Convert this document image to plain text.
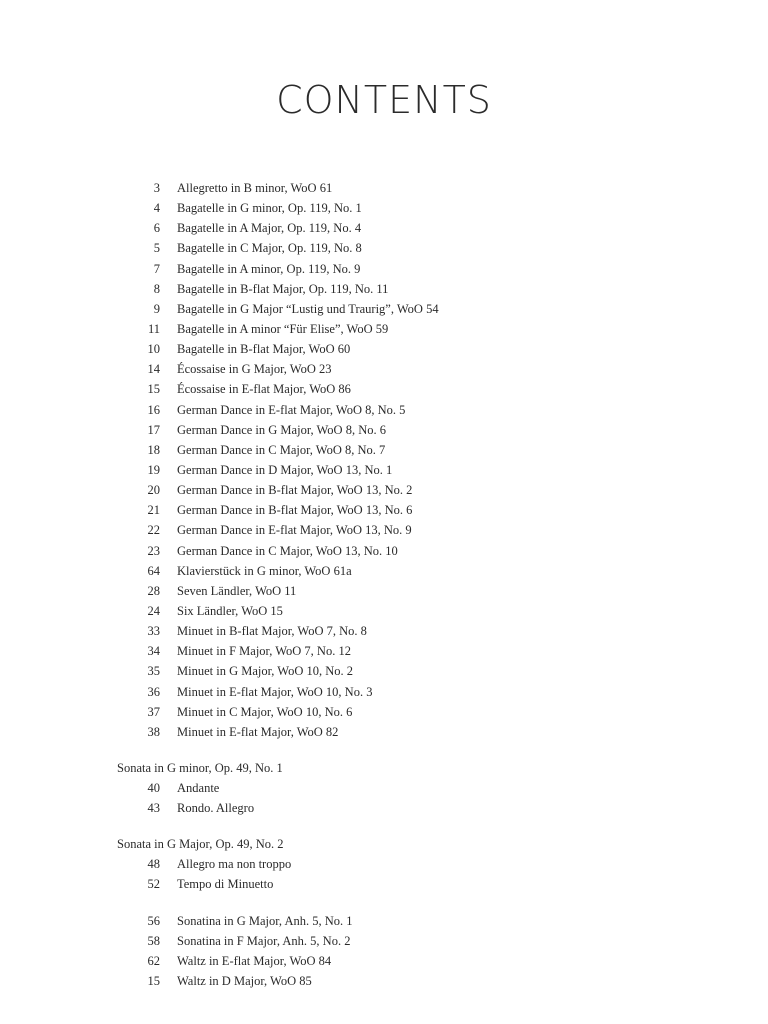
CONTENTS
3 Allegretto in B minor, WoO 61
4 Bagatelle in G minor, Op. 119, No. 1
6 Bagatelle in A Major, Op. 119, No. 4
5 Bagatelle in C Major, Op. 119, No. 8
7 Bagatelle in A minor, Op. 119, No. 9
8 Bagatelle in B-flat Major, Op. 119, No. 11
9 Bagatelle in G Major “Lustig und Traurig”, WoO 54
11 Bagatelle in A minor “Für Elise”, WoO 59
10 Bagatelle in B-flat Major, WoO 60
14 Écossaise in G Major, WoO 23
15 Écossaise in E-flat Major, WoO 86
16 German Dance in E-flat Major, WoO 8, No. 5
17 German Dance in G Major, WoO 8, No. 6
18 German Dance in C Major, WoO 8, No. 7
19 German Dance in D Major, WoO 13, No. 1
20 German Dance in B-flat Major, WoO 13, No. 2
21 German Dance in B-flat Major, WoO 13, No. 6
22 German Dance in E-flat Major, WoO 13, No. 9
23 German Dance in C Major, WoO 13, No. 10
64 Klavierstück in G minor, WoO 61a
28 Seven Ländler, WoO 11
24 Six Ländler, WoO 15
33 Minuet in B-flat Major, WoO 7, No. 8
34 Minuet in F Major, WoO 7, No. 12
35 Minuet in G Major, WoO 10, No. 2
36 Minuet in E-flat Major, WoO 10, No. 3
37 Minuet in C Major, WoO 10, No. 6
38 Minuet in E-flat Major, WoO 82
Sonata in G minor, Op. 49, No. 1
40 Andante
43 Rondo. Allegro
Sonata in G Major, Op. 49, No. 2
48 Allegro ma non troppo
52 Tempo di Minuetto
56 Sonatina in G Major, Anh. 5, No. 1
58 Sonatina in F Major, Anh. 5, No. 2
62 Waltz in E-flat Major, WoO 84
15 Waltz in D Major, WoO 85
